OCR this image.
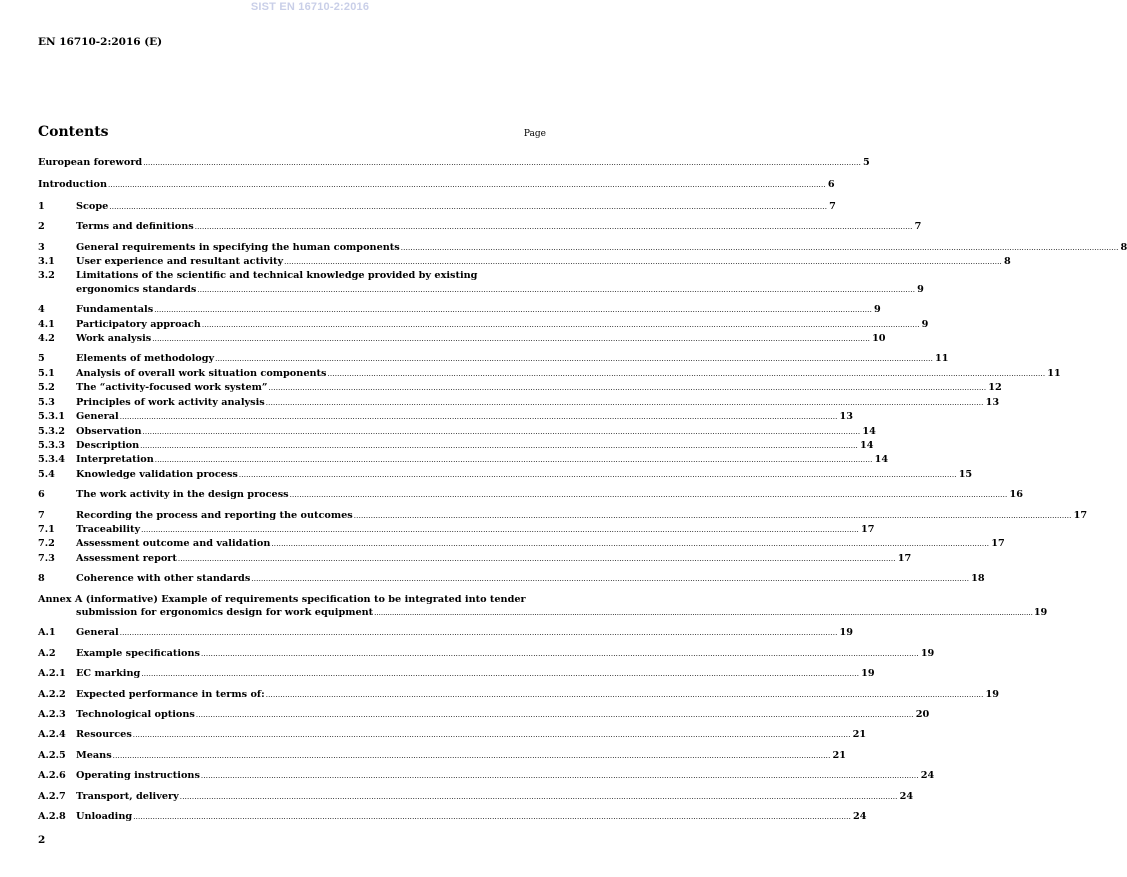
SIST EN 16710-2:2016
EN 16710-2:2016 (E)
Contents	Page
European foreword .....	5
Introduction .....	6
1	Scope .....	7
2	Terms and definitions .....	7
3	General requirements in specifying the human components .....	8
3.1	User experience and resultant activity .....	8
3.2	Limitations of the scientific and technical knowledge provided by existing
ergonomics standards .....	9
4	Fundamentals .....	9
4.1	Participatory approach .....	9
4.2	Work analysis .....	10
5	Elements of methodology .....	11
5.1	Analysis of overall work situation components .....	11
5.2	The “activity-focused work system” .....	12
5.3	Principles of work activity analysis .....	13
5.3.1	General .....	13
5.3.2	Observation .....	14
5.3.3	Description .....	14
5.3.4	Interpretation .....	14
5.4	Knowledge validation process .....	15
6	The work activity in the design process .....	16
7	Recording the process and reporting the outcomes .....	17
7.1	Traceability .....	17
7.2	Assessment outcome and validation .....	17
7.3	Assessment report .....	17
8	Coherence with other standards .....	18
Annex A (informative) Example of requirements specification to be integrated into tender
submission for ergonomics design for work equipment .....	19
A.1	General .....	19
A.2	Example specifications .....	19
A.2.1	EC marking .....	19
A.2.2	Expected performance in terms of: .....	19
A.2.3	Technological options .....	20
A.2.4	Resources .....	21
A.2.5	Means .....	21
A.2.6	Operating instructions .....	24
A.2.7	Transport, delivery .....	24
A.2.8	Unloading .....	24
2
